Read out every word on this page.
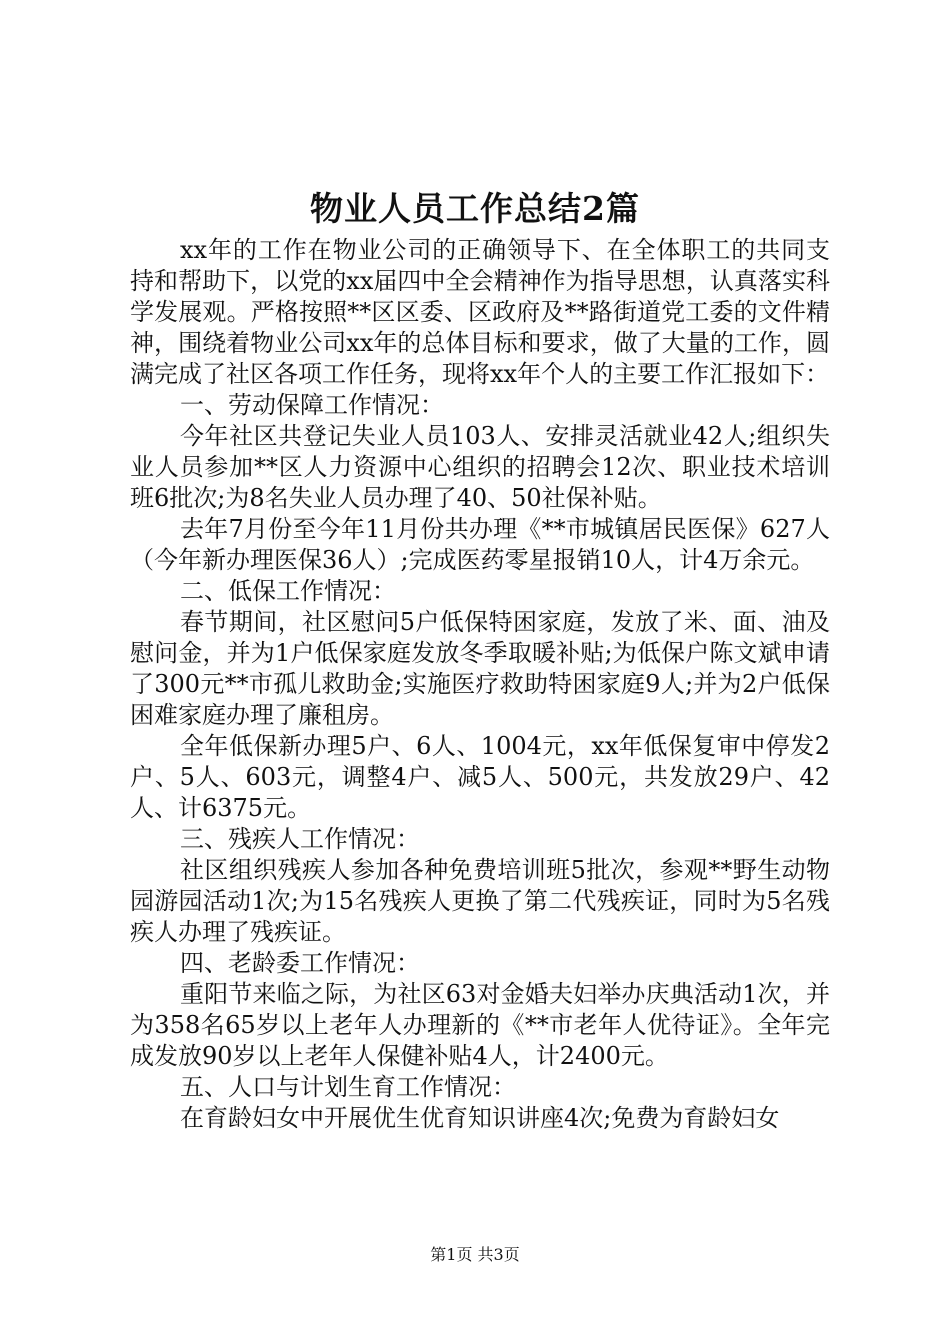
物业人员工作总结2篇

xx年的工作在物业公司的正确领导下、在全体职工的共同支持和帮助下，以党的xx届四中全会精神作为指导思想，认真落实科学发展观。严格按照**区区委、区政府及**路街道党工委的文件精神，围绕着物业公司xx年的总体目标和要求，做了大量的工作，圆满完成了社区各项工作任务，现将xx年个人的主要工作汇报如下：

一、劳动保障工作情况：

今年社区共登记失业人员103人、安排灵活就业42人;组织失业人员参加**区人力资源中心组织的招聘会12次、职业技术培训班6批次;为8名失业人员办理了40、50社保补贴。

去年7月份至今年11月份共办理《**市城镇居民医保》627人（今年新办理医保36人）;完成医药零星报销10人，计4万余元。

二、低保工作情况：

春节期间，社区慰问5户低保特困家庭，发放了米、面、油及慰问金，并为1户低保家庭发放冬季取暖补贴;为低保户陈文斌申请了300元**市孤儿救助金;实施医疗救助特困家庭9人;并为2户低保困难家庭办理了廉租房。

全年低保新办理5户、6人、1004元，xx年低保复审中停发2户、5人、603元，调整4户、减5人、500元，共发放29户、42人、计6375元。

三、残疾人工作情况：

社区组织残疾人参加各种免费培训班5批次，参观**野生动物园游园活动1次;为15名残疾人更换了第二代残疾证，同时为5名残疾人办理了残疾证。

四、老龄委工作情况：

重阳节来临之际，为社区63对金婚夫妇举办庆典活动1次，并为358名65岁以上老年人办理新的《**市老年人优待证》。全年完成发放90岁以上老年人保健补贴4人，计2400元。

五、人口与计划生育工作情况：

在育龄妇女中开展优生优育知识讲座4次;免费为育龄妇女

第1页 共3页
